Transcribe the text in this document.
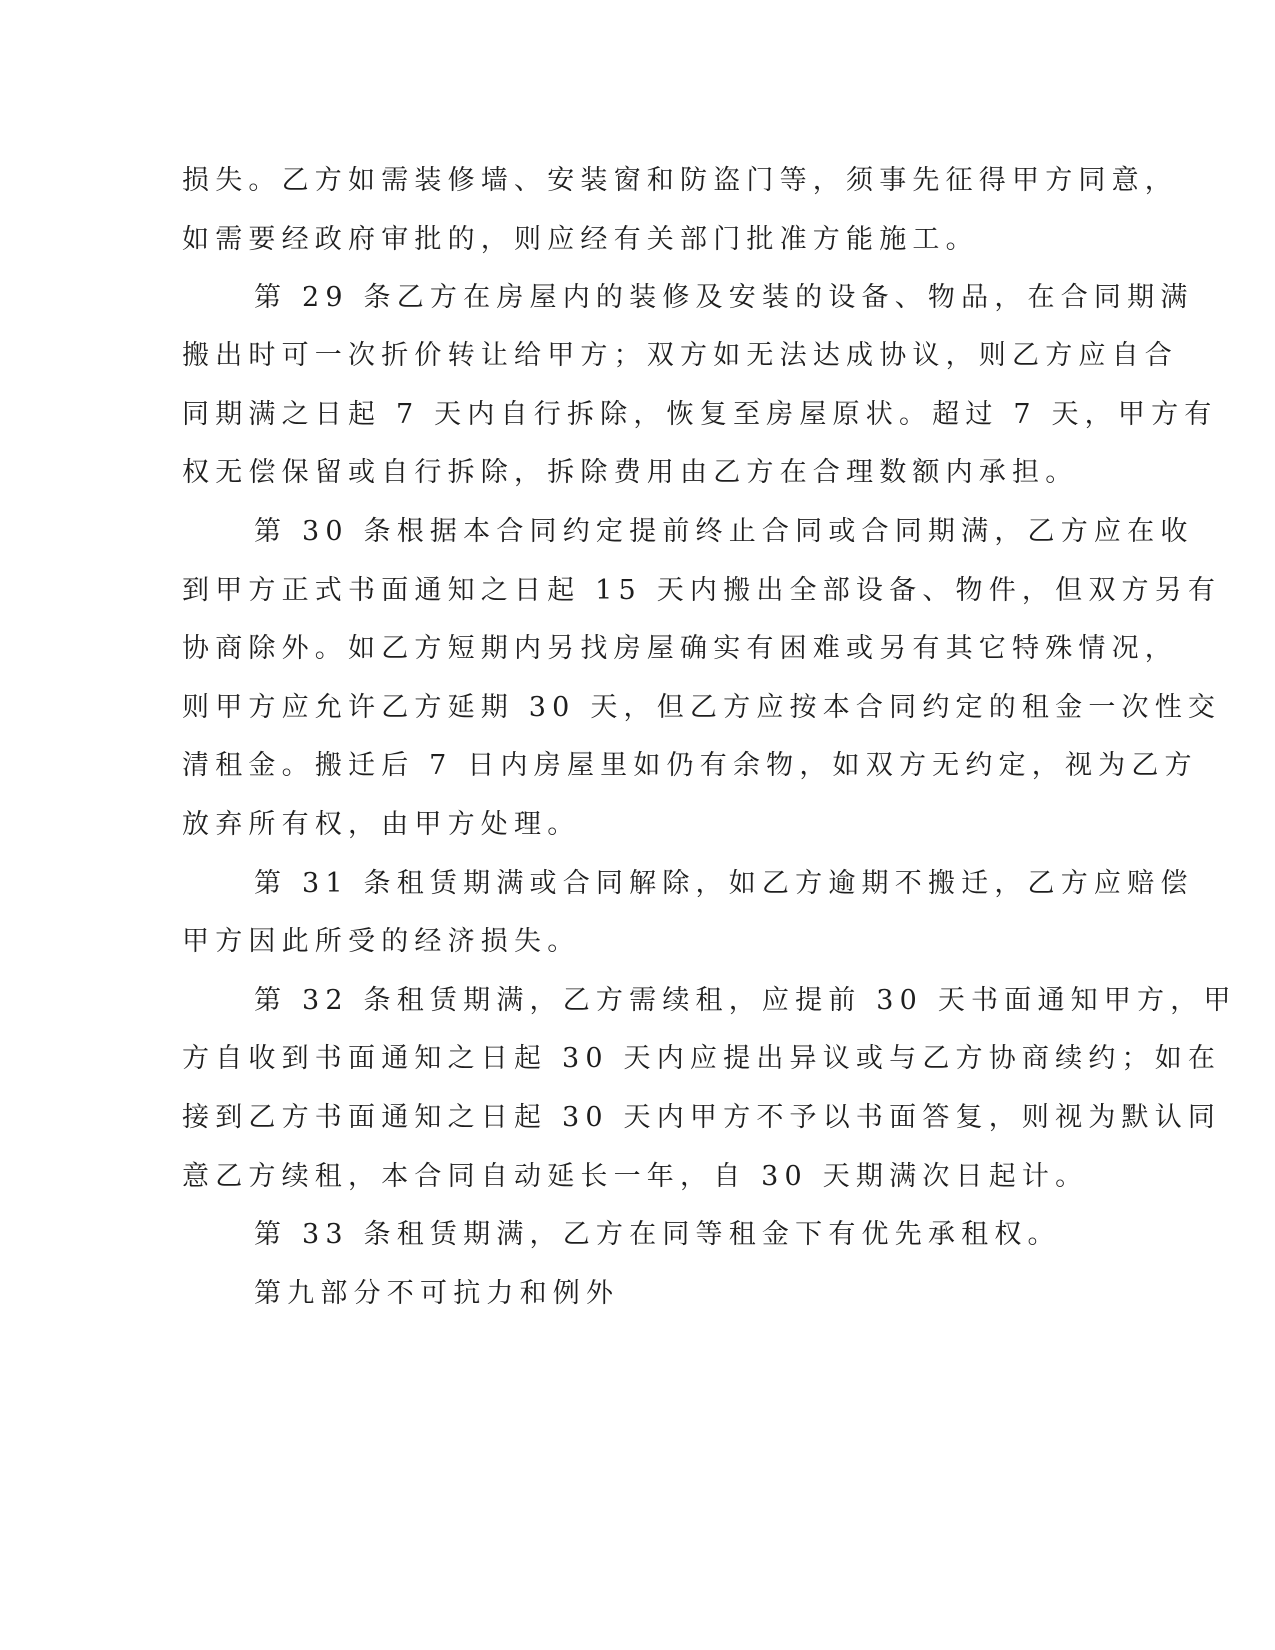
损失。乙方如需装修墙、安装窗和防盗门等，须事先征得甲方同意，

如需要经政府审批的，则应经有关部门批准方能施工。

第 29 条乙方在房屋内的装修及安装的设备、物品，在合同期满

搬出时可一次折价转让给甲方；双方如无法达成协议，则乙方应自合

同期满之日起 7 天内自行拆除，恢复至房屋原状。超过 7 天，甲方有

权无偿保留或自行拆除，拆除费用由乙方在合理数额内承担。

第 30 条根据本合同约定提前终止合同或合同期满，乙方应在收

到甲方正式书面通知之日起 15 天内搬出全部设备、物件，但双方另有

协商除外。如乙方短期内另找房屋确实有困难或另有其它特殊情况，

则甲方应允许乙方延期 30 天，但乙方应按本合同约定的租金一次性交

清租金。搬迁后 7 日内房屋里如仍有余物，如双方无约定，视为乙方

放弃所有权，由甲方处理。

第 31 条租赁期满或合同解除，如乙方逾期不搬迁，乙方应赔偿

甲方因此所受的经济损失。

第 32 条租赁期满，乙方需续租，应提前 30 天书面通知甲方，甲

方自收到书面通知之日起 30 天内应提出异议或与乙方协商续约；如在

接到乙方书面通知之日起 30 天内甲方不予以书面答复，则视为默认同

意乙方续租，本合同自动延长一年，自 30 天期满次日起计。

第 33 条租赁期满，乙方在同等租金下有优先承租权。

第九部分不可抗力和例外
